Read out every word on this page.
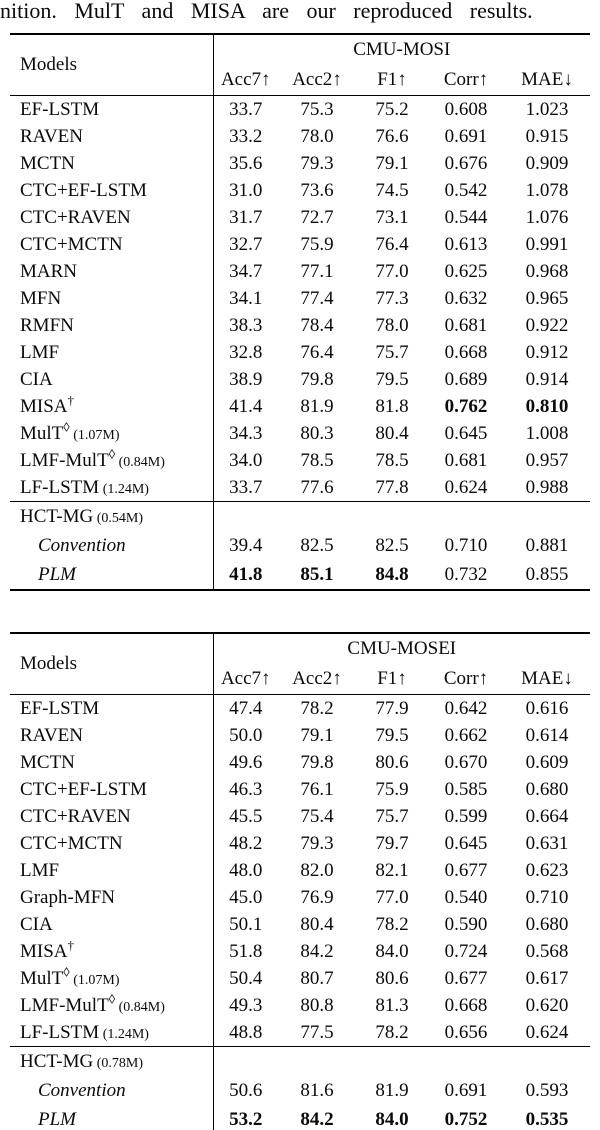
nition. MulT and MISA are our reproduced results.
Models	CMU-MOSI				
	Acc7↑	Acc2↑	F1↑	Corr↑	MAE↓
EF-LSTM	33.7	75.3	75.2	0.608	1.023
RAVEN	33.2	78.0	76.6	0.691	0.915
MCTN	35.6	79.3	79.1	0.676	0.909
CTC+EF-LSTM	31.0	73.6	74.5	0.542	1.078
CTC+RAVEN	31.7	72.7	73.1	0.544	1.076
CTC+MCTN	32.7	75.9	76.4	0.613	0.991
MARN	34.7	77.1	77.0	0.625	0.968
MFN	34.1	77.4	77.3	0.632	0.965
RMFN	38.3	78.4	78.0	0.681	0.922
LMF	32.8	76.4	75.7	0.668	0.912
CIA	38.9	79.8	79.5	0.689	0.914
MISA†	41.4	81.9	81.8	0.762	0.810
MulT◊ (1.07M)	34.3	80.3	80.4	0.645	1.008
LMF-MulT◊ (0.84M)	34.0	78.5	78.5	0.681	0.957
LF-LSTM (1.24M)	33.7	77.6	77.8	0.624	0.988
HCT-MG (0.54M)					
Convention	39.4	82.5	82.5	0.710	0.881
PLM	41.8	85.1	84.8	0.732	0.855
Models	CMU-MOSEI				
	Acc7↑	Acc2↑	F1↑	Corr↑	MAE↓
EF-LSTM	47.4	78.2	77.9	0.642	0.616
RAVEN	50.0	79.1	79.5	0.662	0.614
MCTN	49.6	79.8	80.6	0.670	0.609
CTC+EF-LSTM	46.3	76.1	75.9	0.585	0.680
CTC+RAVEN	45.5	75.4	75.7	0.599	0.664
CTC+MCTN	48.2	79.3	79.7	0.645	0.631
LMF	48.0	82.0	82.1	0.677	0.623
Graph-MFN	45.0	76.9	77.0	0.540	0.710
CIA	50.1	80.4	78.2	0.590	0.680
MISA†	51.8	84.2	84.0	0.724	0.568
MulT◊ (1.07M)	50.4	80.7	80.6	0.677	0.617
LMF-MulT◊ (0.84M)	49.3	80.8	81.3	0.668	0.620
LF-LSTM (1.24M)	48.8	77.5	78.2	0.656	0.624
HCT-MG (0.78M)					
Convention	50.6	81.6	81.9	0.691	0.593
PLM	53.2	84.2	84.0	0.752	0.535
